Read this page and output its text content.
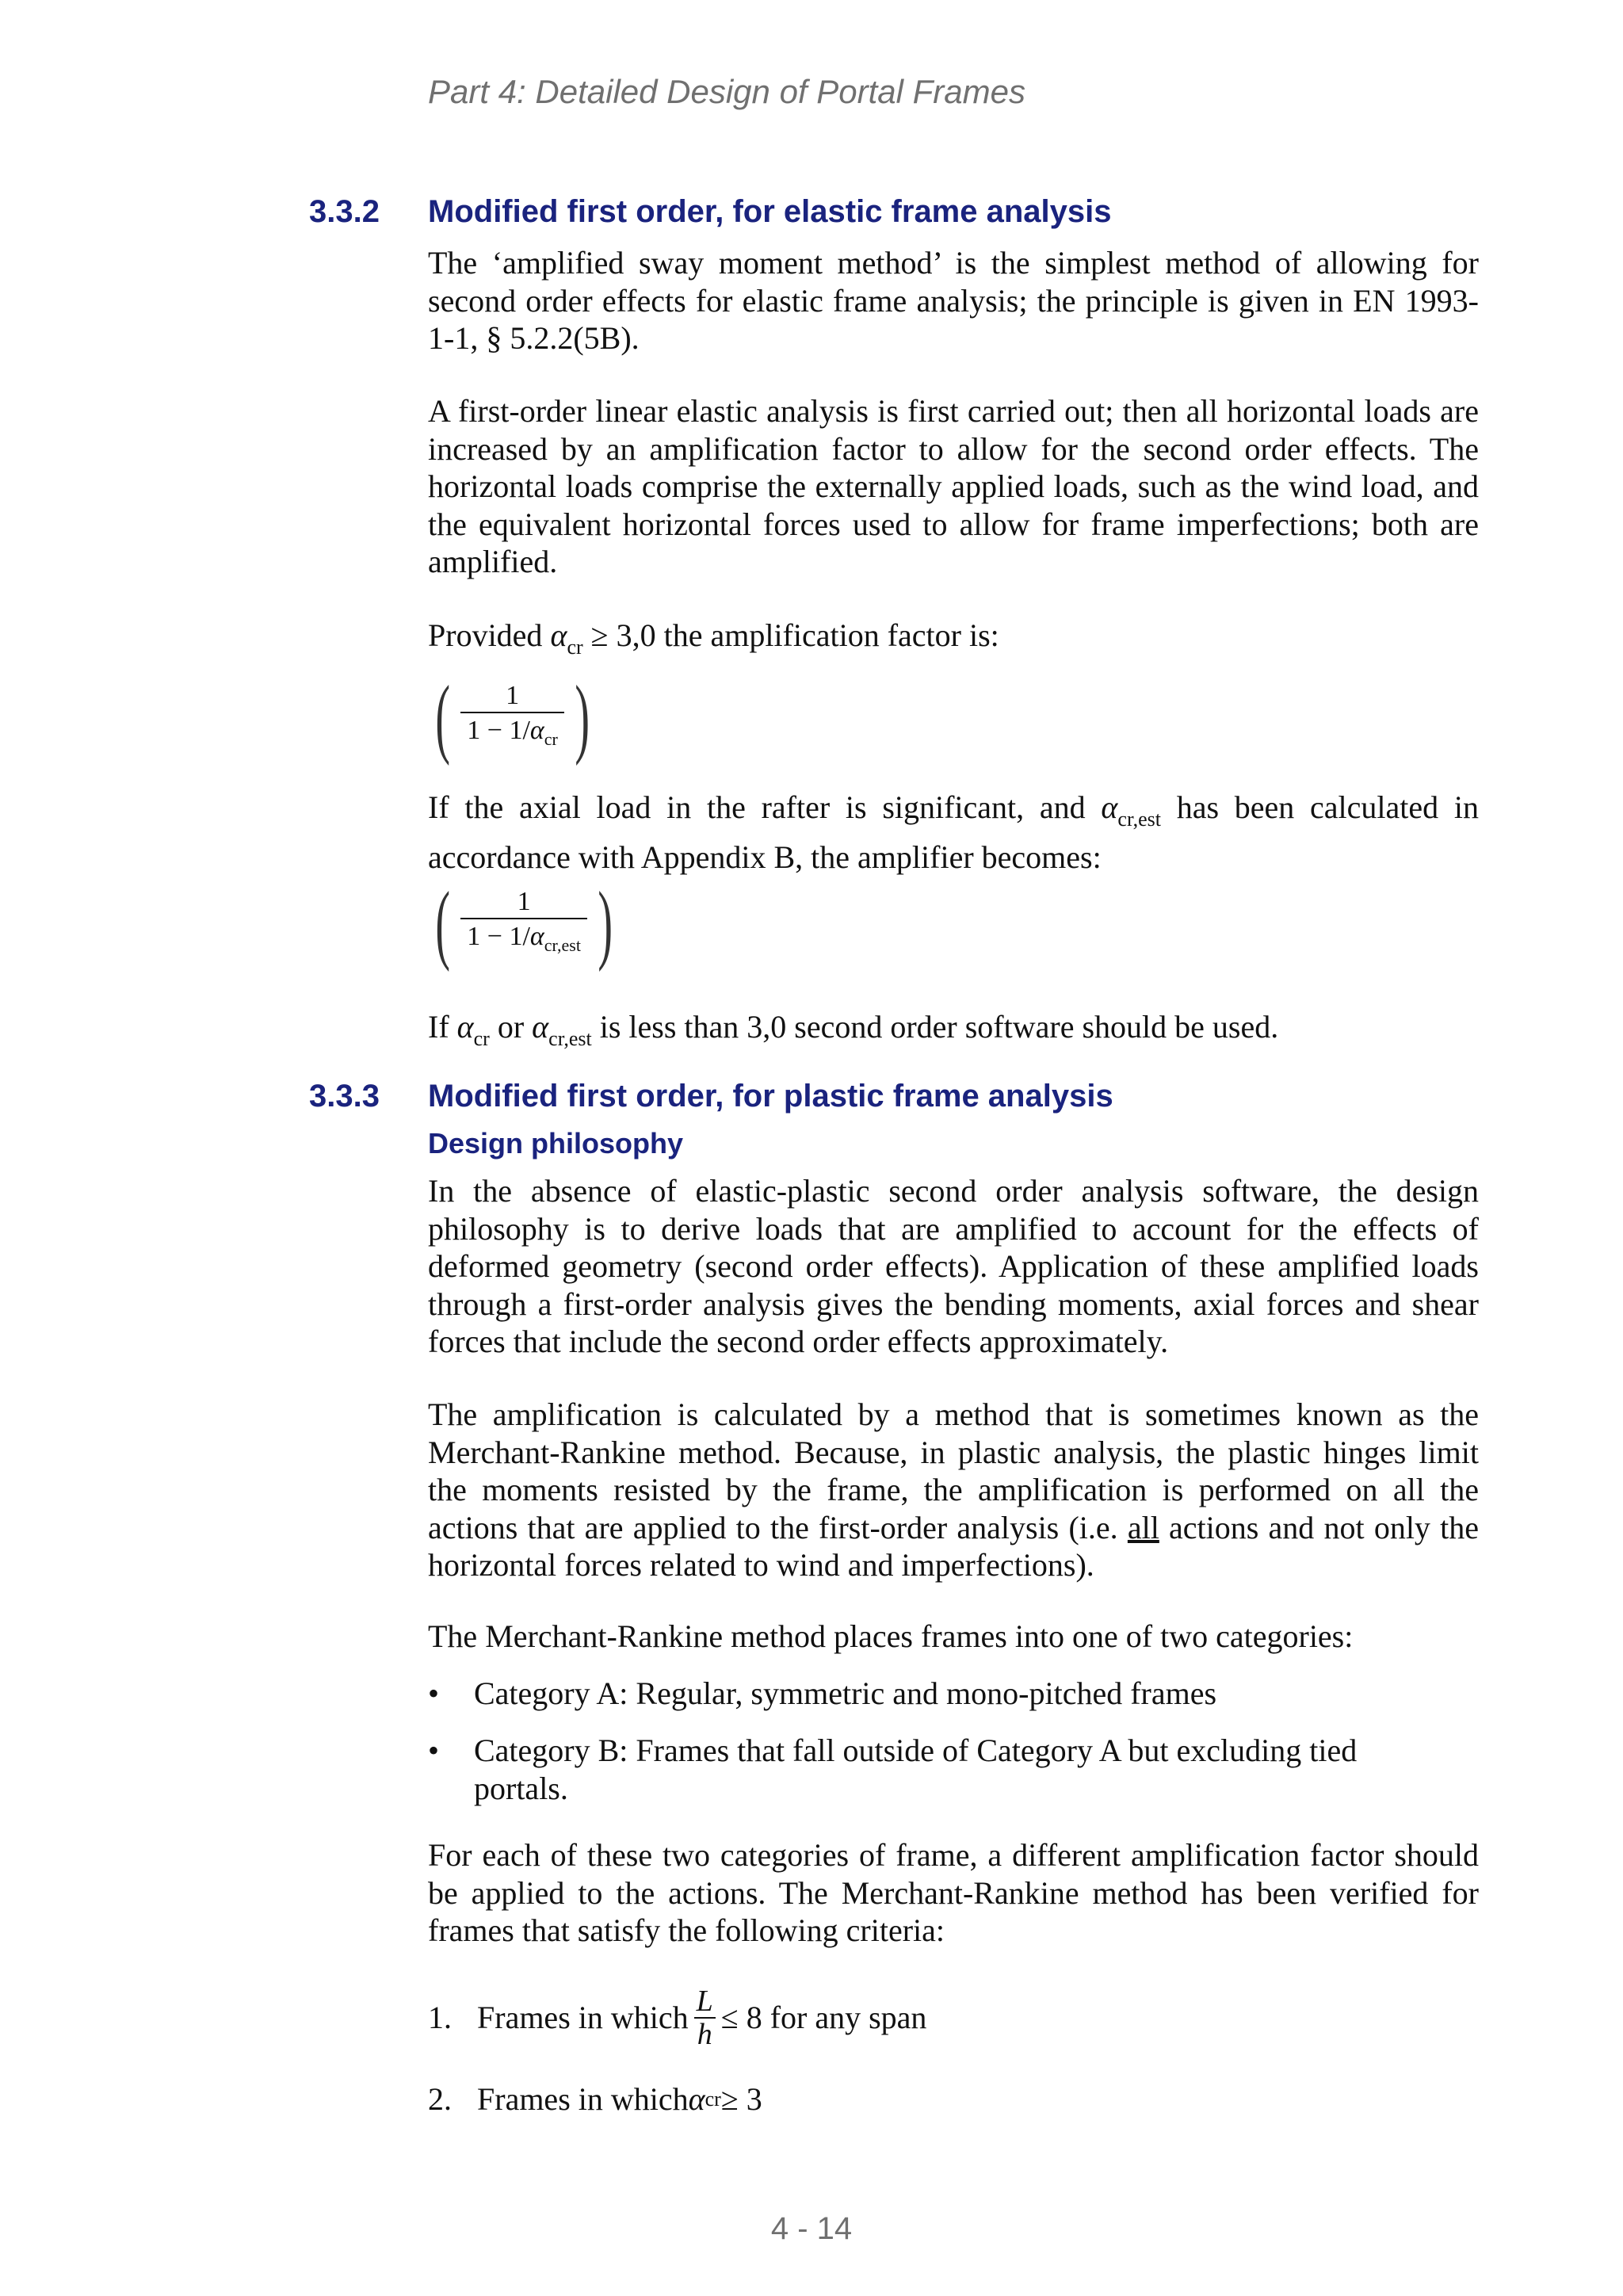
Part 4: Detailed Design of Portal Frames
3.3.2 Modified first order, for elastic frame analysis

The ‘amplified sway moment method’ is the simplest method of allowing for second order effects for elastic frame analysis; the principle is given in EN 1993-1-1, § 5.2.2(5B).

A first-order linear elastic analysis is first carried out; then all horizontal loads are increased by an amplification factor to allow for the second order effects. The horizontal loads comprise the externally applied loads, such as the wind load, and the equivalent horizontal forces used to allow for frame imperfections; both are amplified.

Provided $\alpha_{cr} \ge 3,0$ the amplification factor is:

( $\frac{1}{1 - 1/\alpha_{cr}}$ )

If the axial load in the rafter is significant, and $\alpha_{cr,est}$ has been calculated in accordance with Appendix B, the amplifier becomes:

( $\frac{1}{1 - 1/\alpha_{cr,est}}$ )

If $\alpha_{cr}$ or $\alpha_{cr,est}$ is less than 3,0 second order software should be used.

3.3.3 Modified first order, for plastic frame analysis
Design philosophy

In the absence of elastic-plastic second order analysis software, the design philosophy is to derive loads that are amplified to account for the effects of deformed geometry (second order effects). Application of these amplified loads through a first-order analysis gives the bending moments, axial forces and shear forces that include the second order effects approximately.

The amplification is calculated by a method that is sometimes known as the Merchant-Rankine method. Because, in plastic analysis, the plastic hinges limit the moments resisted by the frame, the amplification is performed on all the actions that are applied to the first-order analysis (i.e. all actions and not only the horizontal forces related to wind and imperfections).

The Merchant-Rankine method places frames into one of two categories:

• Category A: Regular, symmetric and mono-pitched frames
• Category B: Frames that fall outside of Category A but excluding tied portals.

For each of these two categories of frame, a different amplification factor should be applied to the actions. The Merchant-Rankine method has been verified for frames that satisfy the following criteria:

1. Frames in which $\frac{L}{h} \le 8$ for any span
2. Frames in which α cr ≥ 3
4 - 14
